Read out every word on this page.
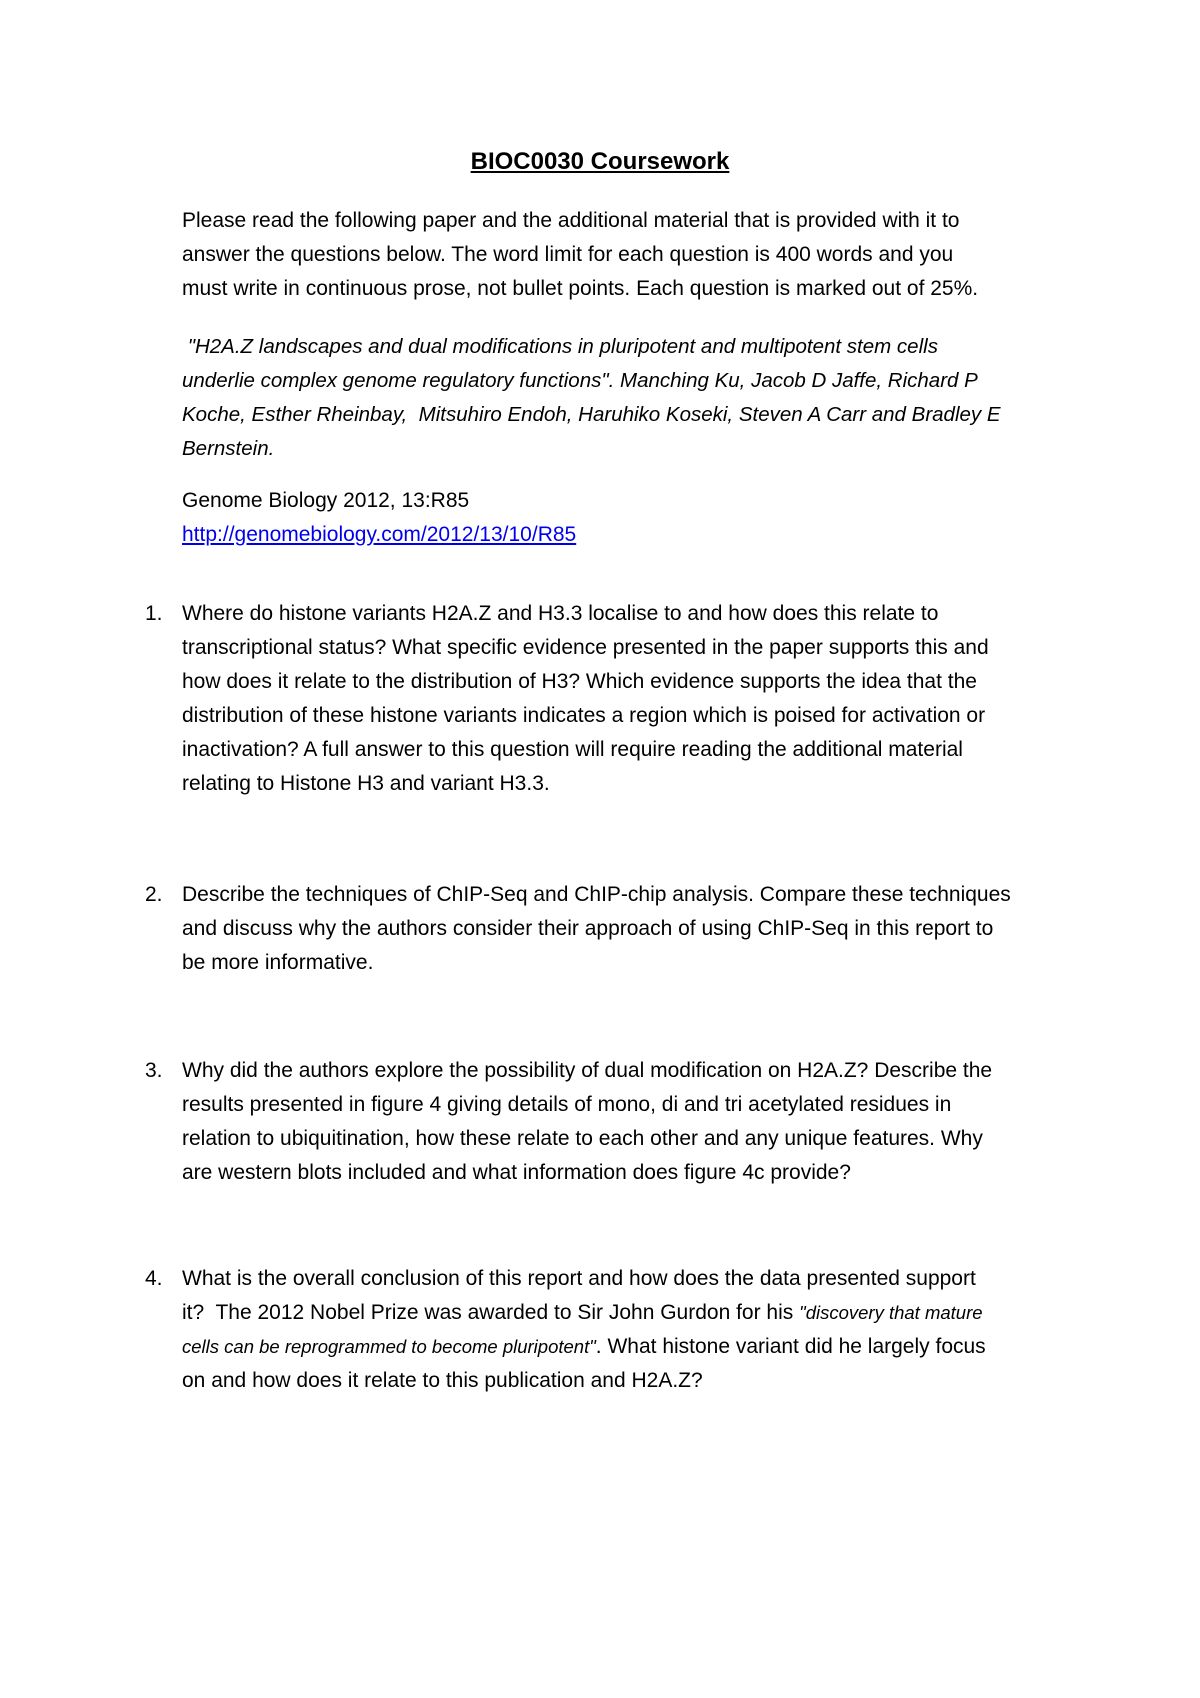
BIOC0030 Coursework
Please read the following paper and the additional material that is provided with it to
answer the questions below. The word limit for each question is 400 words and you
must write in continuous prose, not bullet points. Each question is marked out of 25%.
"H2A.Z landscapes and dual modifications in pluripotent and multipotent stem cells
underlie complex genome regulatory functions". Manching Ku, Jacob D Jaffe, Richard P
Koche, Esther Rheinbay,  Mitsuhiro Endoh, Haruhiko Koseki, Steven A Carr and Bradley E
Bernstein.
Genome Biology 2012, 13:R85
http://genomebiology.com/2012/13/10/R85
1. Where do histone variants H2A.Z and H3.3 localise to and how does this relate to
transcriptional status? What specific evidence presented in the paper supports this and
how does it relate to the distribution of H3? Which evidence supports the idea that the
distribution of these histone variants indicates a region which is poised for activation or
inactivation? A full answer to this question will require reading the additional material
relating to Histone H3 and variant H3.3.
2. Describe the techniques of ChIP-Seq and ChIP-chip analysis. Compare these techniques
and discuss why the authors consider their approach of using ChIP-Seq in this report to
be more informative.
3. Why did the authors explore the possibility of dual modification on H2A.Z? Describe the
results presented in figure 4 giving details of mono, di and tri acetylated residues in
relation to ubiquitination, how these relate to each other and any unique features. Why
are western blots included and what information does figure 4c provide?
4. What is the overall conclusion of this report and how does the data presented support
it?  The 2012 Nobel Prize was awarded to Sir John Gurdon for his "discovery that mature
cells can be reprogrammed to become pluripotent". What histone variant did he largely focus
on and how does it relate to this publication and H2A.Z?
